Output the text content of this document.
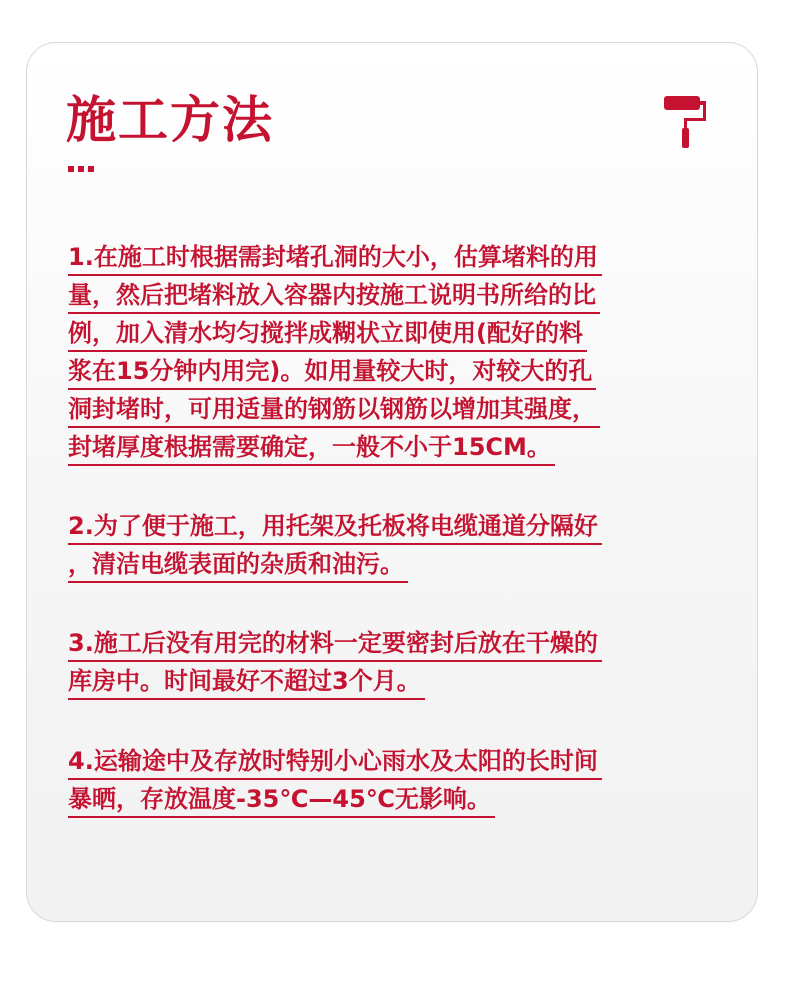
施工方法
1.在施工时根据需封堵孔洞的大小，估算堵料的用
量，然后把堵料放入容器内按施工说明书所给的比
例，加入清水均匀搅拌成糊状立即使用(配好的料
浆在15分钟内用完)。如用量较大时，对较大的孔
洞封堵时，可用适量的钢筋以钢筋以增加其强度，
封堵厚度根据需要确定，一般不小于15CM。
2.为了便于施工，用托架及托板将电缆通道分隔好
，清洁电缆表面的杂质和油污。
3.施工后没有用完的材料一定要密封后放在干燥的
库房中。时间最好不超过3个月。
4.运输途中及存放时特别小心雨水及太阳的长时间
暴晒，存放温度-35℃—45℃无影响。
